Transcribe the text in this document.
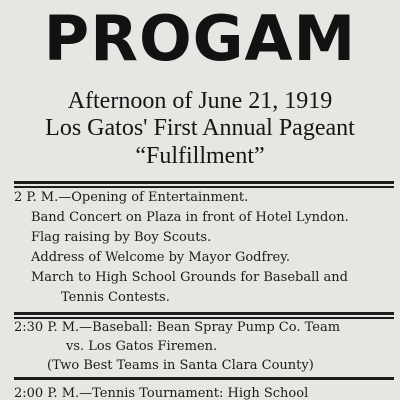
PROGAM
Afternoon of June 21, 1919
Los Gatos' First Annual Pageant
“Fulfillment”
2 P. M.—Opening of Entertainment.
Band Concert on Plaza in front of Hotel Lyndon.
Flag raising by Boy Scouts.
Address of Welcome by Mayor Godfrey.
March to High School Grounds for Baseball and
Tennis Contests.
2:30 P. M.—Baseball: Bean Spray Pump Co. Team
vs. Los Gatos Firemen.
(Two Best Teams in Santa Clara County)
2:00 P. M.—Tennis Tournament: High School
